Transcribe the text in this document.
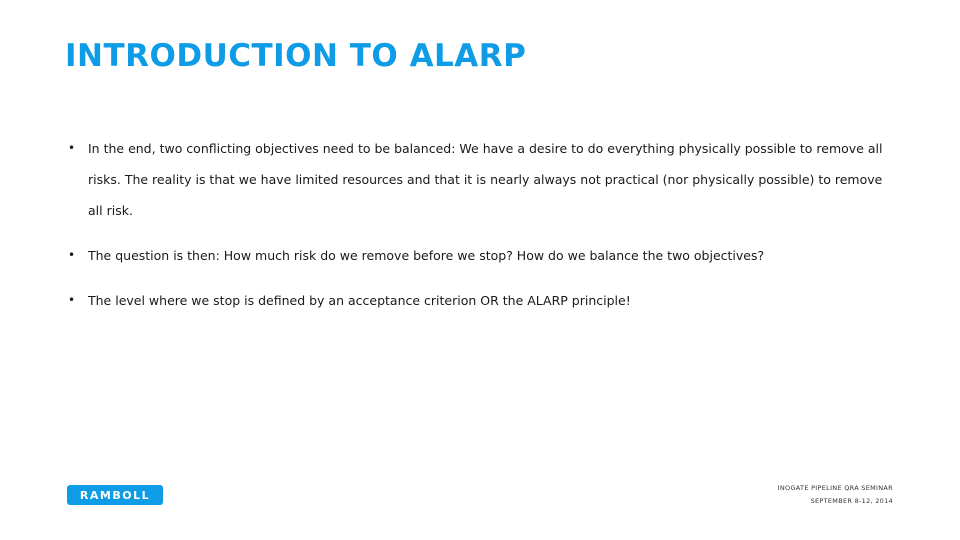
INTRODUCTION TO ALARP
• In the end, two conflicting objectives need to be balanced: We have a desire to do everything physically possible to remove all risks. The reality is that we have limited resources and that it is nearly always not practical (nor physically possible) to remove all risk.
• The question is then: How much risk do we remove before we stop? How do we balance the two objectives?
• The level where we stop is defined by an acceptance criterion OR the ALARP principle!
RAMBOLL
INOGATE PIPELINE QRA SEMINAR
SEPTEMBER 8-12, 2014
